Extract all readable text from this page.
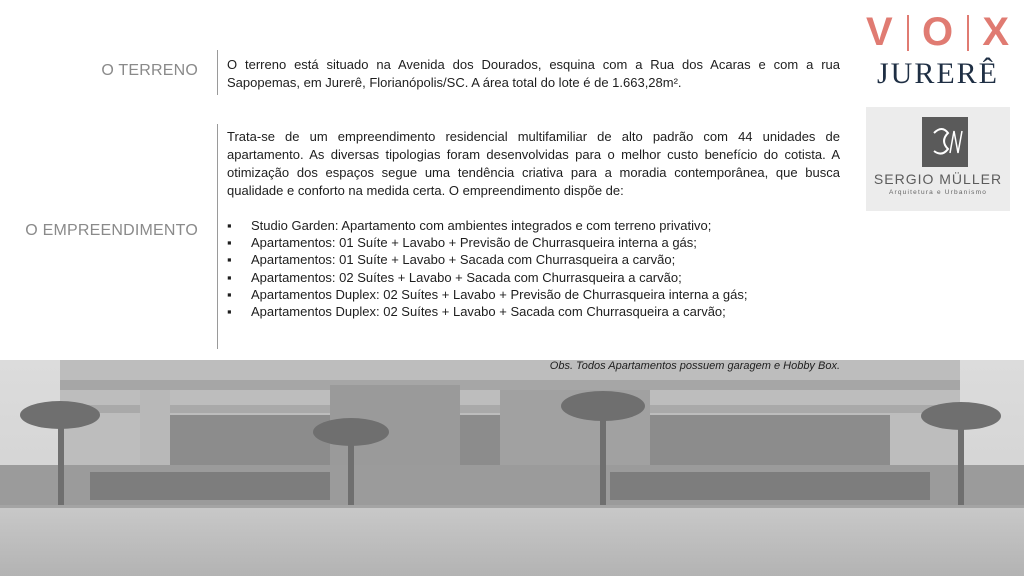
O TERRENO
O EMPREENDIMENTO
O terreno está situado na Avenida dos Dourados, esquina com a Rua dos Acaras e com a rua Sapopemas, em Jurerê, Florianópolis/SC. A área total do lote é de 1.663,28m².
Trata-se de um empreendimento residencial multifamiliar de alto padrão com 44 unidades de apartamento. As diversas tipologias foram desenvolvidas para o melhor custo benefício do cotista. A otimização dos espaços segue uma tendência criativa para a moradia contemporânea, que busca qualidade e conforto na medida certa. O empreendimento dispõe de:
▪ Studio Garden: Apartamento com ambientes integrados e com terreno privativo;
▪ Apartamentos: 01 Suíte + Lavabo + Previsão de Churrasqueira interna a gás;
▪ Apartamentos: 01 Suíte + Lavabo + Sacada com Churrasqueira a carvão;
▪ Apartamentos: 02 Suítes + Lavabo + Sacada com Churrasqueira a carvão;
▪ Apartamentos Duplex: 02 Suítes + Lavabo + Previsão de Churrasqueira interna a gás;
▪ Apartamentos Duplex: 02 Suítes + Lavabo + Sacada com Churrasqueira a carvão;
Obs. Todos Apartamentos possuem garagem e Hobby Box.
V O X
JURERÊ
SERGIO MÜLLER
Arquitetura e Urbanismo
